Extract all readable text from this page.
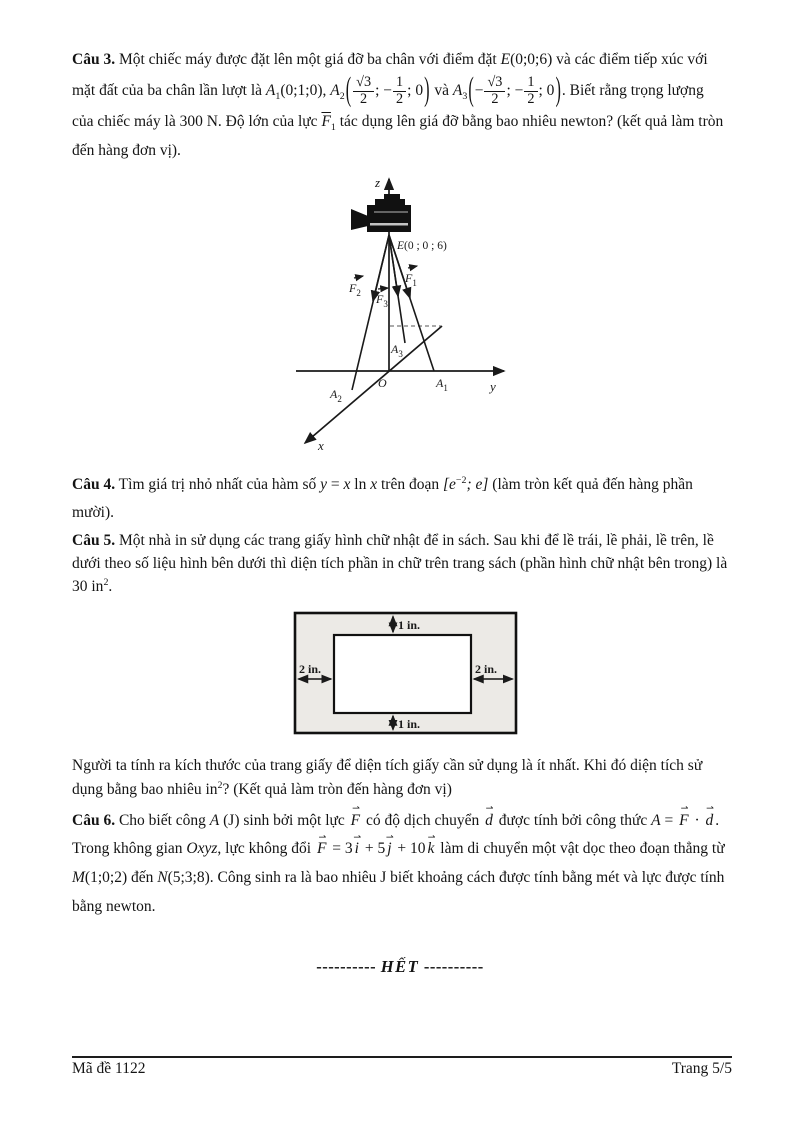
Câu 3. Một chiếc máy được đặt lên một giá đỡ ba chân với điểm đặt E(0;0;6) và các điểm tiếp xúc với mặt đất của ba chân lần lượt là $A_1(0;1;0)$, $A_2( \frac{√3}{2}$ ; − $\frac{1}{2}$ ; 0) và $A_3(- \frac{√3}{2}$ ; − $\frac{1}{2}$ ; 0). Biết rằng trọng lượng của chiếc máy là 300 N. Độ lớn của lực $\overline{F}_1$ tác dụng lên giá đỡ bằng bao nhiêu newton? (kết quả làm tròn đến hàng đơn vị).

z
E(0 ; 0 ; 6)
$F_2$ $F_3$
$F_1$
$A_3$
$A_2$
$A_1$
O	y
x

Câu 4. Tìm giá trị nhỏ nhất của hàm số y = x ln x trên đoạn [$e^{-2}$; e] (làm tròn kết quả đến hàng phần mười).

Câu 5. Một nhà in sử dụng các trang giấy hình chữ nhật để in sách. Sau khi để lề trái, lề phải, lề trên, lề dưới theo số liệu hình bên dưới thì diện tích phần in chữ trên trang sách (phần hình chữ nhật bên trong) là 30 $in^2$.

1 in.
1 in.
2 in.	2 in.

Người ta tính ra kích thước của trang giấy để diện tích giấy cần sử dụng là ít nhất. Khi đó diện tích sử dụng bằng bao nhiêu $in^2$? (Kết quả làm tròn đến hàng đơn vị)

Câu 6. Cho biết công A (J) sinh bởi một lực ⇀ F có độ dịch chuyển ⇀ d được tính bởi công thức A = ⇀ F · ⇀ d . Trong không gian Oxyz, lực không đổi ⇀ F = 3 ⇀ i + 5 ⇀ j + 10 ⇀ k làm di chuyển một vật dọc theo đoạn thẳng từ M(1;0;2) đến N(5;3;8). Công sinh ra là bao nhiêu J biết khoảng cách được tính bằng mét và lực được tính bằng newton.

---------- HẾT ----------
Mã đề 1122	Trang 5/5
